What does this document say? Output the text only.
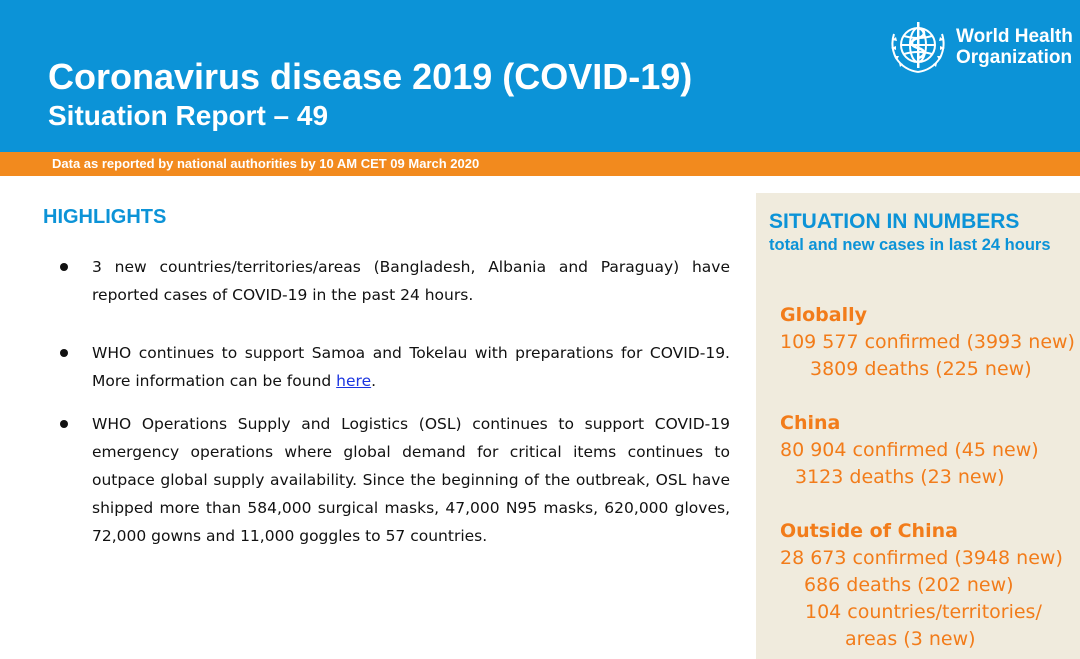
Coronavirus disease 2019 (COVID-19)
Situation Report – 49
World Health
Organization
Data as reported by national authorities by 10 AM CET 09 March 2020
HIGHLIGHTS
3 new countries/territories/areas (Bangladesh, Albania and Paraguay) have reported cases of COVID-19 in the past 24 hours.
WHO continues to support Samoa and Tokelau with preparations for COVID-19. More information can be found here.
WHO Operations Supply and Logistics (OSL) continues to support COVID-19 emergency operations where global demand for critical items continues to outpace global supply availability. Since the beginning of the outbreak, OSL have shipped more than 584,000 surgical masks, 47,000 N95 masks, 620,000 gloves, 72,000 gowns and 11,000 goggles to 57 countries.
SITUATION IN NUMBERS
total and new cases in last 24 hours
Globally
109 577 confirmed (3993 new)
3809 deaths (225 new)
China
80 904 confirmed (45 new)
3123 deaths (23 new)
Outside of China
28 673 confirmed (3948 new)
686 deaths (202 new)
104 countries/territories/
areas (3 new)
